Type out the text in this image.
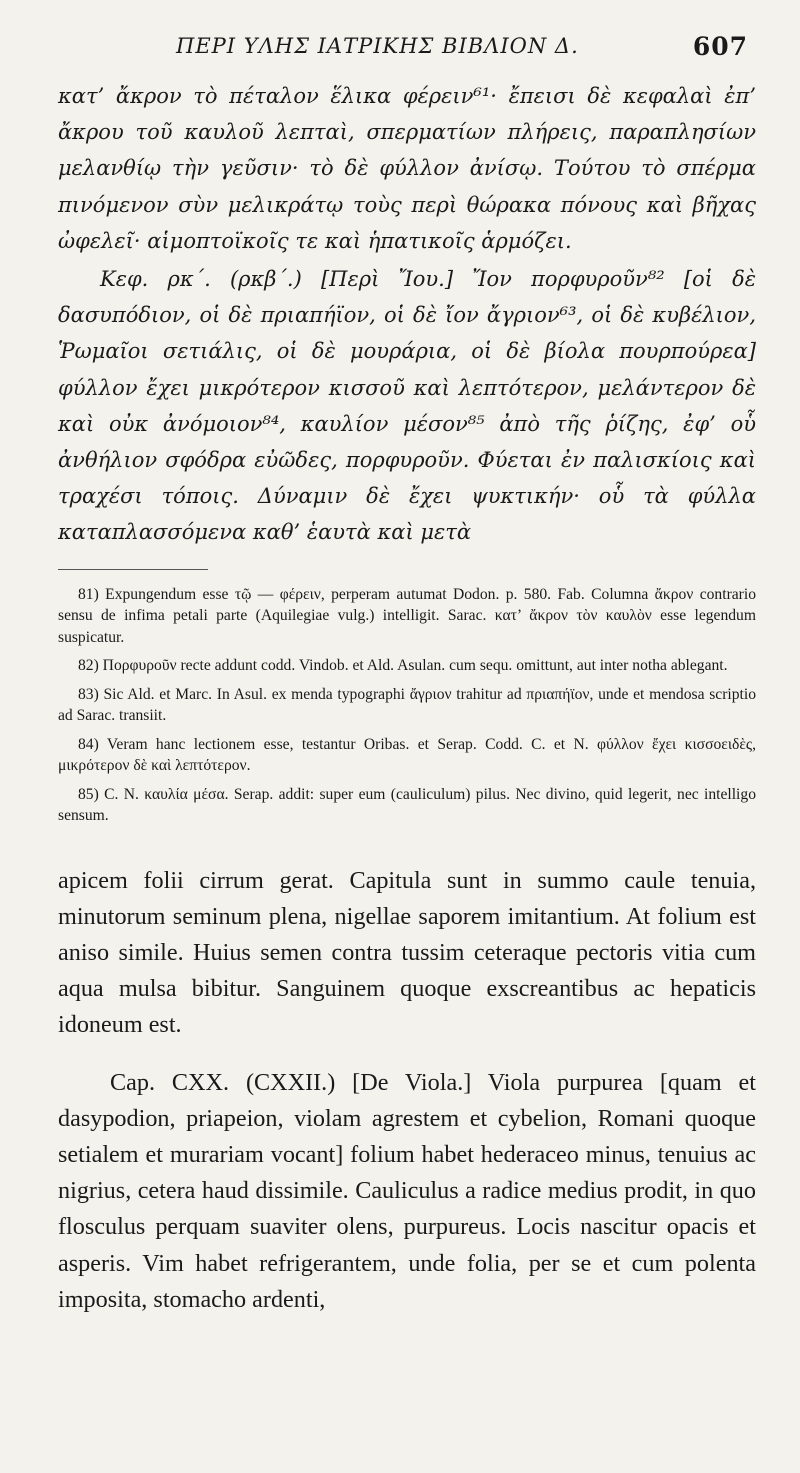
ΠΕΡΙ ΥΛΗΣ ΙΑΤΡΙΚΗΣ ΒΙΒΛΙΟΝ Δ.	607

κατ’ ἄκρον τὸ πέταλον ἕλικα φέρειν⁶¹· ἔπεισι δὲ κεφαλαὶ ἐπ’ ἄκρου τοῦ καυλοῦ λεπταὶ, σπερματίων πλήρεις, παραπλησίων μελανθίῳ τὴν γεῦσιν· τὸ δὲ φύλλον ἀνίσῳ. Τούτου τὸ σπέρμα πινόμενον σὺν μελικράτῳ τοὺς περὶ θώρακα πόνους καὶ βῆχας ὠφελεῖ· αἱμοπτοϊκοῖς τε καὶ ἡπατικοῖς ἁρμόζει.

Κεφ. ρκ΄. (ρκβ΄.) [Περὶ Ἴου.] Ἴον πορφυροῦν⁸² [οἱ δὲ δασυπόδιον, οἱ δὲ πριαπήϊον, οἱ δὲ ἴον ἄγριον⁶³, οἱ δὲ κυβέλιον, Ῥωμαῖοι σετιάλις, οἱ δὲ μουράρια, οἱ δὲ βίολα πουρπούρεα] φύλλον ἔχει μικρότερον κισσοῦ καὶ λεπτότερον, μελάντερον δὲ καὶ οὐκ ἀνόμοιον⁸⁴, καυλίον μέσον⁸⁵ ἀπὸ τῆς ῥίζης, ἐφ’ οὗ ἀνθήλιον σφόδρα εὐῶδες, πορφυροῦν. Φύεται ἐν παλισκίοις καὶ τραχέσι τόποις. Δύναμιν δὲ ἔχει ψυκτικήν· οὗ τὰ φύλλα καταπλασσόμενα καθ’ ἑαυτὰ καὶ μετὰ

81) Expungendum esse τῷ — φέρειν, perperam autumat Dodon. p. 580. Fab. Columna ἄκρον contrario sensu de infima petali parte (Aquilegiae vulg.) intelligit. Sarac. κατ’ ἄκρον τὸν καυλὸν esse legendum suspicatur.

82) Πορφυροῦν recte addunt codd. Vindob. et Ald. Asulan. cum sequ. omittunt, aut inter notha ablegant.

83) Sic Ald. et Marc. In Asul. ex menda typographi ἄγριον trahitur ad πριαπήϊον, unde et mendosa scriptio ad Sarac. transiit.

84) Veram hanc lectionem esse, testantur Oribas. et Serap. Codd. C. et N. φύλλον ἔχει κισσοειδὲς, μικρότερον δὲ καὶ λεπτότερον.

85) C. N. καυλία μέσα. Serap. addit: super eum (cauliculum) pilus. Nec divino, quid legerit, nec intelligo sensum.

apicem folii cirrum gerat. Capitula sunt in summo caule tenuia, minutorum seminum plena, nigellae saporem imitantium. At folium est aniso simile. Huius semen contra tussim ceteraque pectoris vitia cum aqua mulsa bibitur. Sanguinem quoque exscreantibus ac hepaticis idoneum est.

Cap. CXX. (CXXII.) [De Viola.] Viola purpurea [quam et dasypodion, priapeion, violam agrestem et cybelion, Romani quoque setialem et murariam vocant] folium habet hederaceo minus, tenuius ac nigrius, cetera haud dissimile. Cauliculus a radice medius prodit, in quo flosculus perquam suaviter olens, purpureus. Locis nascitur opacis et asperis. Vim habet refrigerantem, unde folia, per se et cum polenta imposita, stomacho ardenti,
